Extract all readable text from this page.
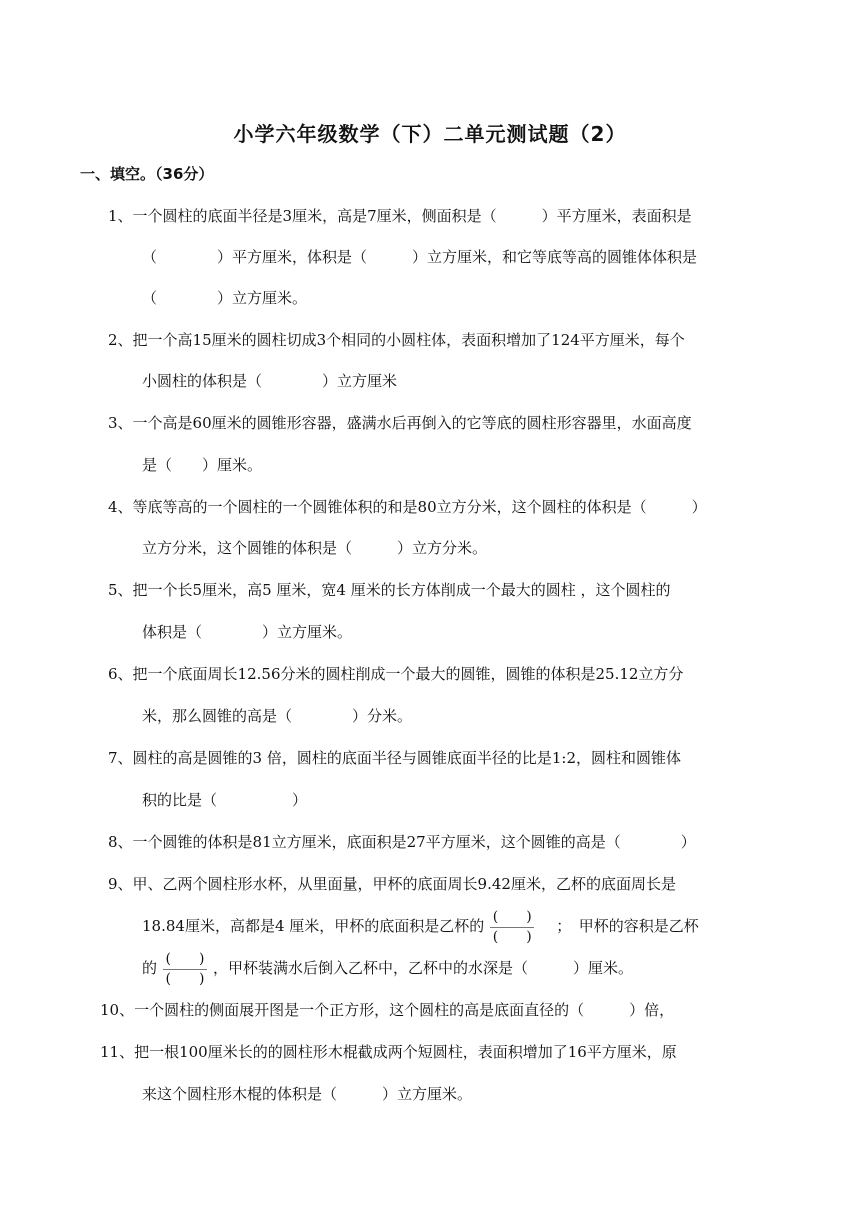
小学六年级数学（下）二单元测试题（2）
一、填空。（36分）
1、一个圆柱的底面半径是3厘米，高是7厘米，侧面积是（　　　）平方厘米，表面积是
（　　　　）平方厘米，体积是（　　　）立方厘米，和它等底等高的圆锥体体积是
（　　　　）立方厘米。
2、把一个高15厘米的圆柱切成3个相同的小圆柱体，表面积增加了124平方厘米，每个
小圆柱的体积是（　　　　）立方厘米
3、一个高是60厘米的圆锥形容器，盛满水后再倒入的它等底的圆柱形容器里，水面高度
是（　　）厘米。
4、等底等高的一个圆柱的一个圆锥体积的和是80立方分米，这个圆柱的体积是（　　　）
立方分米，这个圆锥的体积是（　　　）立方分米。
5、把一个长5厘米，高5 厘米，宽4 厘米的长方体削成一个最大的圆柱 ，这个圆柱的
体积是（　　　　）立方厘米。
6、把一个底面周长12.56分米的圆柱削成一个最大的圆锥，圆锥的体积是25.12立方分
米，那么圆锥的高是（　　　　）分米。
7、圆柱的高是圆锥的3 倍，圆柱的底面半径与圆锥底面半径的比是1:2，圆柱和圆锥体
积的比是（　　　　　）
8、一个圆锥的体积是81立方厘米，底面积是27平方厘米，这个圆锥的高是（　　　　）
9、甲、乙两个圆柱形水杯，从里面量，甲杯的底面周长9.42厘米，乙杯的底面周长是
18.84厘米，高都是4 厘米，甲杯的底面积是乙杯的 $\frac{( )}{( )}$ ；　甲杯的容积是乙杯
的 $\frac{( )}{( )}$ ，甲杯装满水后倒入乙杯中，乙杯中的水深是（　　　）厘米。
10、一个圆柱的侧面展开图是一个正方形，这个圆柱的高是底面直径的（　　　）倍，
11、把一根100厘米长的的圆柱形木棍截成两个短圆柱，表面积增加了16平方厘米，原
来这个圆柱形木棍的体积是（　　　）立方厘米。
